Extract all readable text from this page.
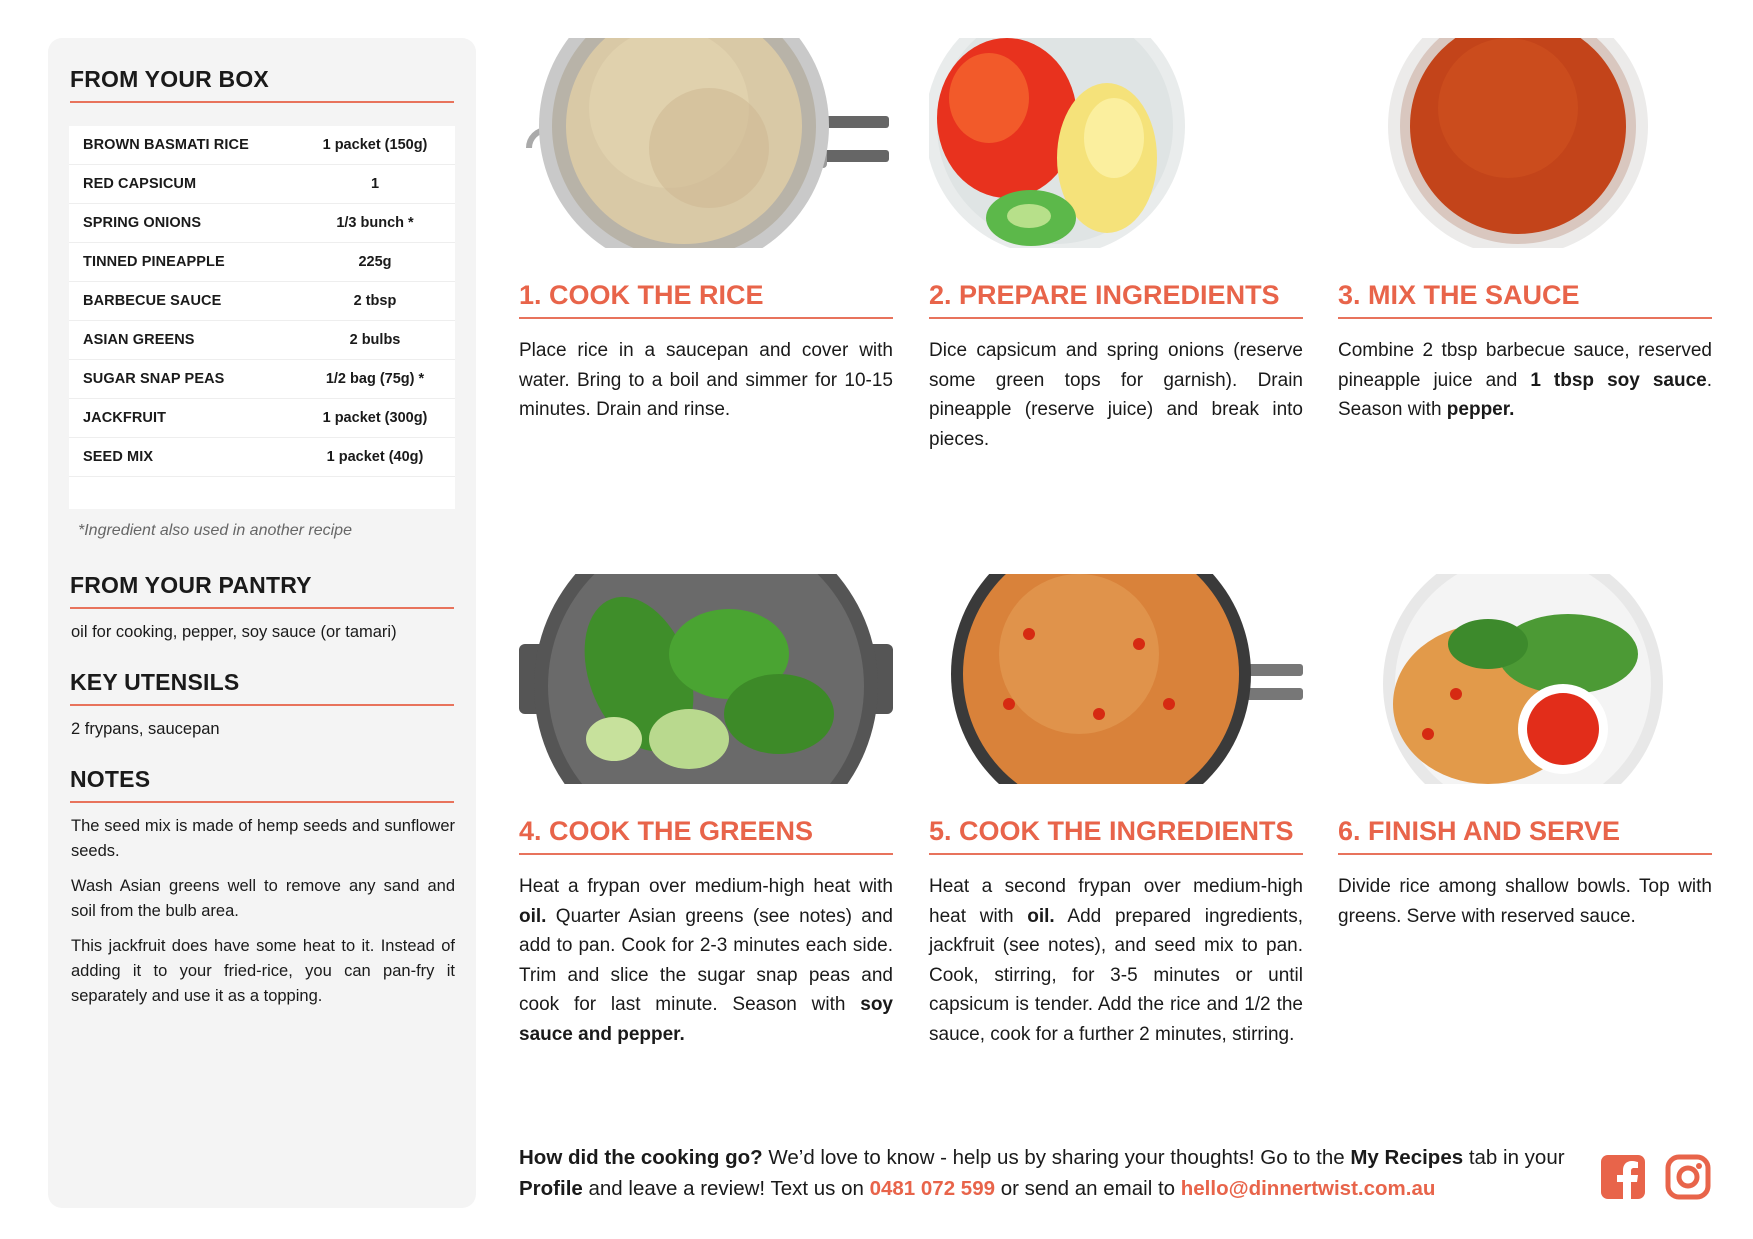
FROM YOUR BOX
BROWN BASMATI RICE	1 packet (150g)
RED CAPSICUM	1
SPRING ONIONS	1/3 bunch *
TINNED PINEAPPLE	225g
BARBECUE SAUCE	2 tbsp
ASIAN GREENS	2 bulbs
SUGAR SNAP PEAS	1/2 bag (75g) *
JACKFRUIT	1 packet (300g)
SEED MIX	1 packet (40g)
*Ingredient also used in another recipe
FROM YOUR PANTRY
oil for cooking, pepper, soy sauce (or tamari)
KEY UTENSILS
2 frypans, saucepan
NOTES

The seed mix is made of hemp seeds and sunflower seeds.

Wash Asian greens well to remove any sand and soil from the bulb area.

This jackfruit does have some heat to it. Instead of adding it to your fried-rice, you can pan-fry it separately and use it as a topping.

1. COOK THE RICE
Place rice in a saucepan and cover with water. Bring to a boil and simmer for 10-15 minutes. Drain and rinse.
2. PREPARE INGREDIENTS
Dice capsicum and spring onions (reserve some green tops for garnish). Drain pineapple (reserve juice) and break into pieces.
3. MIX THE SAUCE
Combine 2 tbsp barbecue sauce, reserved pineapple juice and 1 tbsp soy sauce. Season with pepper.
4. COOK THE GREENS
Heat a frypan over medium-high heat with oil. Quarter Asian greens (see notes) and add to pan. Cook for 2-3 minutes each side. Trim and slice the sugar snap peas and cook for last minute. Season with soy sauce and pepper.
5. COOK THE INGREDIENTS
Heat a second frypan over medium-high heat with oil. Add prepared ingredients, jackfruit (see notes), and seed mix to pan. Cook, stirring, for 3-5 minutes or until capsicum is tender. Add the rice and 1/2 the sauce, cook for a further 2 minutes, stirring.
6. FINISH AND SERVE
Divide rice among shallow bowls. Top with greens. Serve with reserved sauce.
How did the cooking go? We’d love to know - help us by sharing your thoughts! Go to the My Recipes tab in your Profile and leave a review! Text us on 0481 072 599 or send an email to hello@dinnertwist.com.au
